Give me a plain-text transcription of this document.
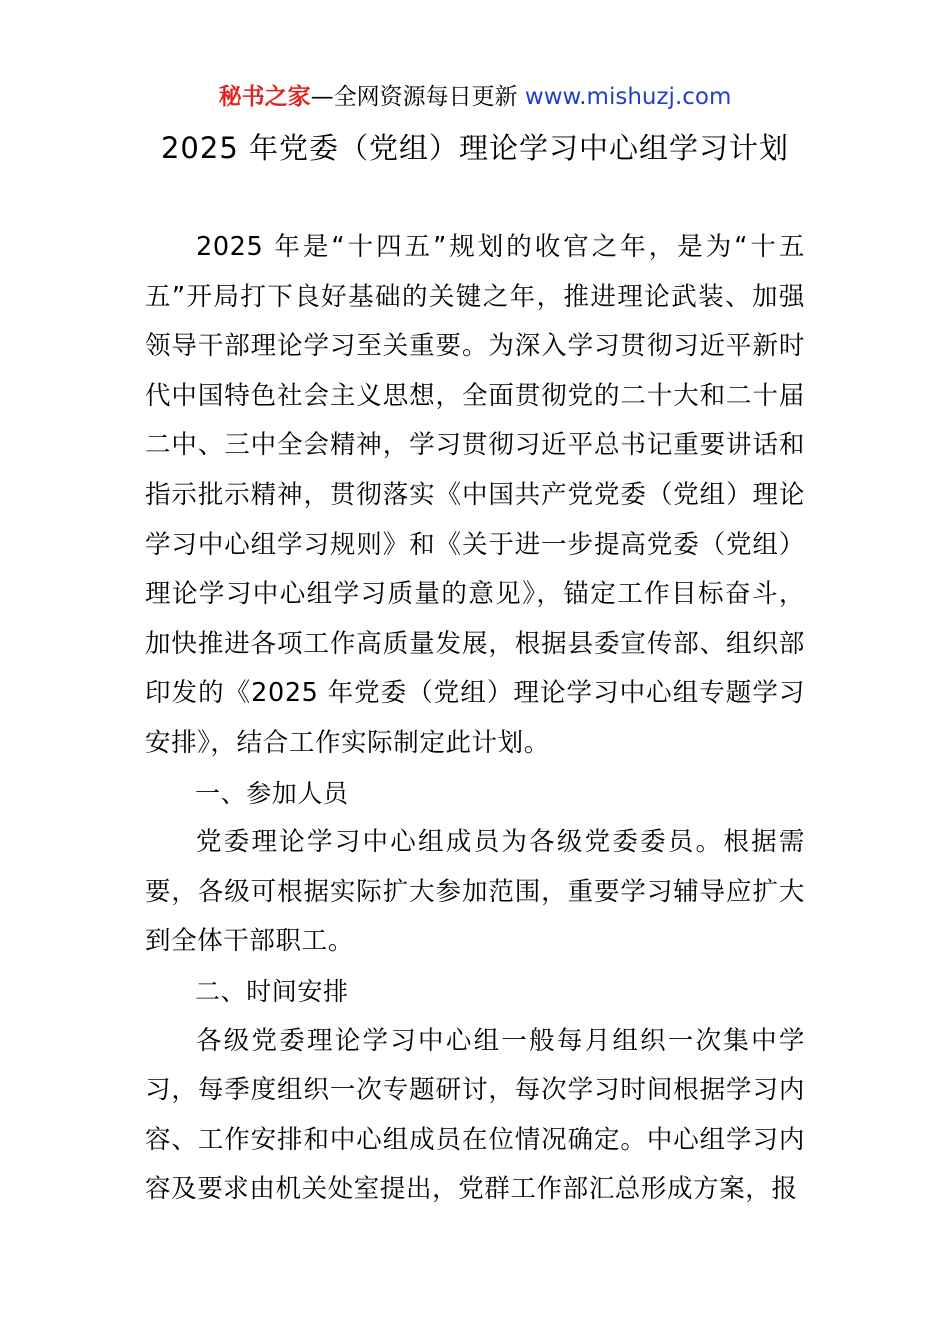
秘书之家—全网资源每日更新 www.mishuzj.com
2025 年党委（党组）理论学习中心组学习计划

2025 年是“十四五”规划的收官之年，是为“十五五”开局打下良好基础的关键之年，推进理论武装、加强领导干部理论学习至关重要。为深入学习贯彻习近平新时代中国特色社会主义思想，全面贯彻党的二十大和二十届二中、三中全会精神，学习贯彻习近平总书记重要讲话和指示批示精神，贯彻落实《中国共产党党委（党组）理论学习中心组学习规则》和《关于进一步提高党委（党组）理论学习中心组学习质量的意见》，锚定工作目标奋斗，加快推进各项工作高质量发展，根据县委宣传部、组织部印发的《2025 年党委（党组）理论学习中心组专题学习安排》，结合工作实际制定此计划。

一、参加人员

党委理论学习中心组成员为各级党委委员。根据需要，各级可根据实际扩大参加范围，重要学习辅导应扩大到全体干部职工。

二、时间安排

各级党委理论学习中心组一般每月组织一次集中学习，每季度组织一次专题研讨，每次学习时间根据学习内容、工作安排和中心组成员在位情况确定。中心组学习内容及要求由机关处室提出，党群工作部汇总形成方案，报
